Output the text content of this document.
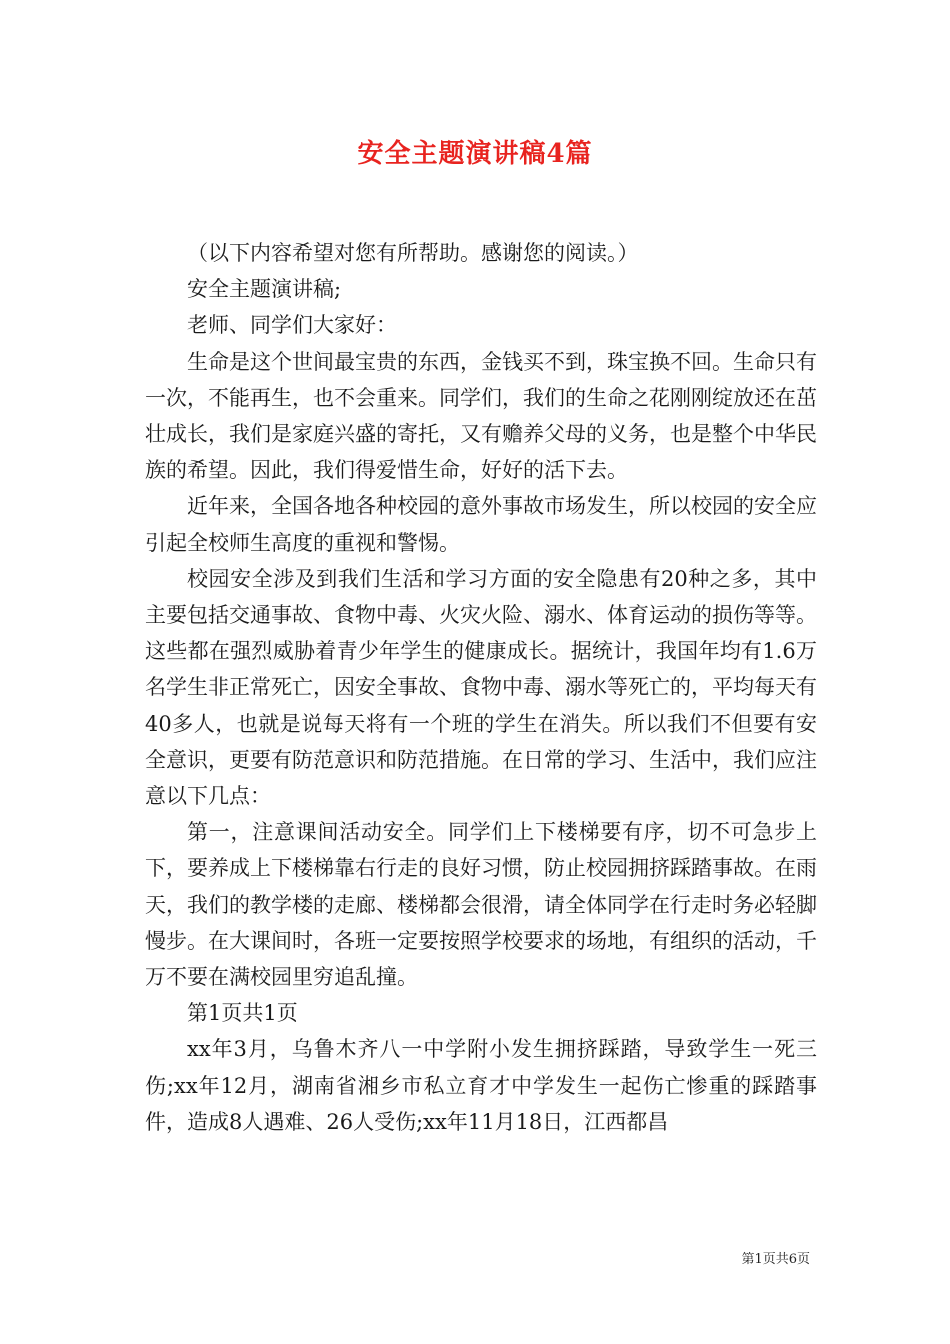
安全主题演讲稿4篇

（以下内容希望对您有所帮助。感谢您的阅读。）

安全主题演讲稿;

老师、同学们大家好：

生命是这个世间最宝贵的东西，金钱买不到，珠宝换不回。生命只有一次，不能再生，也不会重来。同学们，我们的生命之花刚刚绽放还在茁壮成长，我们是家庭兴盛的寄托，又有赡养父母的义务，也是整个中华民族的希望。因此，我们得爱惜生命，好好的活下去。

近年来，全国各地各种校园的意外事故市场发生，所以校园的安全应引起全校师生高度的重视和警惕。

校园安全涉及到我们生活和学习方面的安全隐患有20种之多，其中主要包括交通事故、食物中毒、火灾火险、溺水、体育运动的损伤等等。这些都在强烈威胁着青少年学生的健康成长。据统计，我国年均有1.6万名学生非正常死亡，因安全事故、食物中毒、溺水等死亡的，平均每天有40多人，也就是说每天将有一个班的学生在消失。所以我们不但要有安全意识，更要有防范意识和防范措施。在日常的学习、生活中，我们应注意以下几点：

第一，注意课间活动安全。同学们上下楼梯要有序，切不可急步上下，要养成上下楼梯靠右行走的良好习惯，防止校园拥挤踩踏事故。在雨天，我们的教学楼的走廊、楼梯都会很滑，请全体同学在行走时务必轻脚慢步。在大课间时，各班一定要按照学校要求的场地，有组织的活动，千万不要在满校园里穷追乱撞。

第1页共1页

xx年3月，乌鲁木齐八一中学附小发生拥挤踩踏，导致学生一死三伤;xx年12月，湖南省湘乡市私立育才中学发生一起伤亡惨重的踩踏事件，造成8人遇难、26人受伤;xx年11月18日，江西都昌

第1页共6页
